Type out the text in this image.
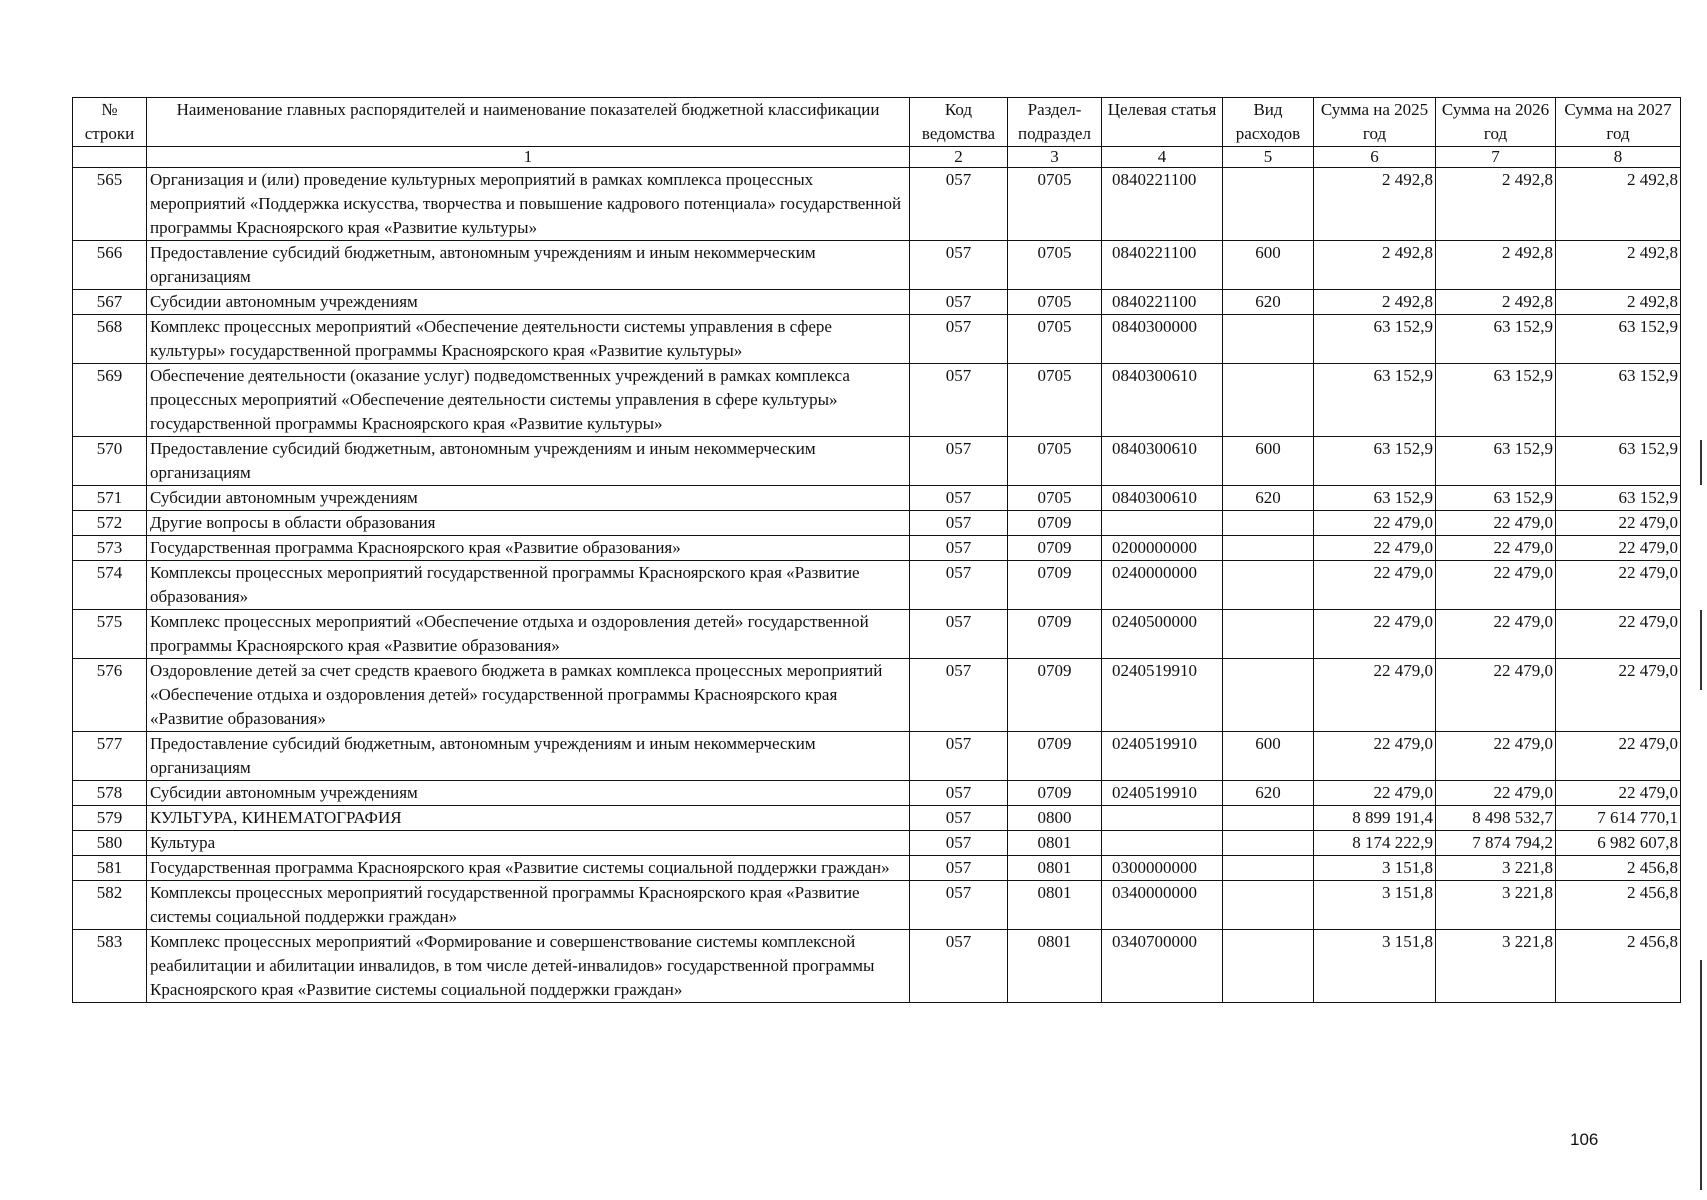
№ строки	Наименование главных распорядителей и наименование показателей бюджетной классификации	Код ведомства	Раздел-подраздел	Целевая статья	Вид расходов	Сумма на 2025 год	Сумма на 2026 год	Сумма на 2027 год
	1	2	3	4	5	6	7	8
565	Организация и (или) проведение культурных мероприятий в рамках комплекса процессных мероприятий «Поддержка искусства, творчества и повышение кадрового потенциала» государственной программы Красноярского края «Развитие культуры»	057	0705	0840221100		2 492,8	2 492,8	2 492,8
566	Предоставление субсидий бюджетным, автономным учреждениям и иным некоммерческим организациям	057	0705	0840221100	600	2 492,8	2 492,8	2 492,8
567	Субсидии автономным учреждениям	057	0705	0840221100	620	2 492,8	2 492,8	2 492,8
568	Комплекс процессных мероприятий «Обеспечение деятельности системы управления в сфере культуры» государственной программы Красноярского края «Развитие культуры»	057	0705	0840300000		63 152,9	63 152,9	63 152,9
569	Обеспечение деятельности (оказание услуг) подведомственных учреждений в рамках комплекса процессных мероприятий «Обеспечение деятельности системы управления в сфере культуры» государственной программы Красноярского края «Развитие культуры»	057	0705	0840300610		63 152,9	63 152,9	63 152,9
570	Предоставление субсидий бюджетным, автономным учреждениям и иным некоммерческим организациям	057	0705	0840300610	600	63 152,9	63 152,9	63 152,9
571	Субсидии автономным учреждениям	057	0705	0840300610	620	63 152,9	63 152,9	63 152,9
572	Другие вопросы в области образования	057	0709			22 479,0	22 479,0	22 479,0
573	Государственная программа Красноярского края «Развитие образования»	057	0709	0200000000		22 479,0	22 479,0	22 479,0
574	Комплексы процессных мероприятий государственной программы Красноярского края «Развитие образования»	057	0709	0240000000		22 479,0	22 479,0	22 479,0
575	Комплекс процессных мероприятий «Обеспечение отдыха и оздоровления детей» государственной программы Красноярского края «Развитие образования»	057	0709	0240500000		22 479,0	22 479,0	22 479,0
576	Оздоровление детей за счет средств краевого бюджета в рамках комплекса процессных мероприятий «Обеспечение отдыха и оздоровления детей» государственной программы Красноярского края «Развитие образования»	057	0709	0240519910		22 479,0	22 479,0	22 479,0
577	Предоставление субсидий бюджетным, автономным учреждениям и иным некоммерческим организациям	057	0709	0240519910	600	22 479,0	22 479,0	22 479,0
578	Субсидии автономным учреждениям	057	0709	0240519910	620	22 479,0	22 479,0	22 479,0
579	КУЛЬТУРА, КИНЕМАТОГРАФИЯ	057	0800			8 899 191,4	8 498 532,7	7 614 770,1
580	Культура	057	0801			8 174 222,9	7 874 794,2	6 982 607,8
581	Государственная программа Красноярского края «Развитие системы социальной поддержки граждан»	057	0801	0300000000		3 151,8	3 221,8	2 456,8
582	Комплексы процессных мероприятий государственной программы Красноярского края «Развитие системы социальной поддержки граждан»	057	0801	0340000000		3 151,8	3 221,8	2 456,8
583	Комплекс процессных мероприятий «Формирование и совершенствование системы комплексной реабилитации и абилитации инвалидов, в том числе детей-инвалидов» государственной программы Красноярского края «Развитие системы социальной поддержки граждан»	057	0801	0340700000		3 151,8	3 221,8	2 456,8
106
